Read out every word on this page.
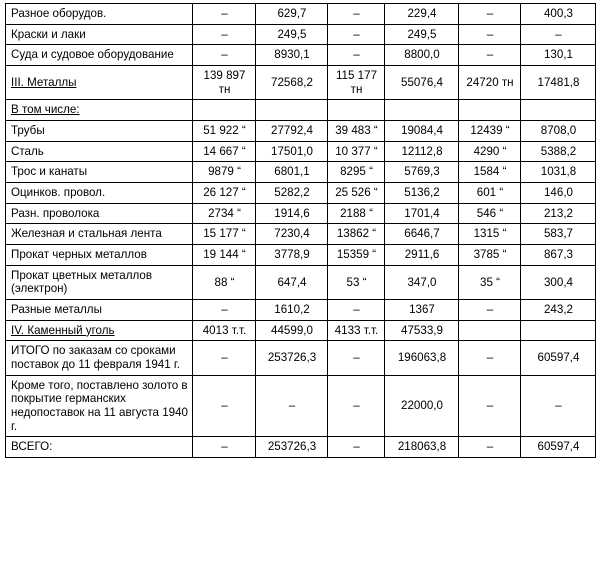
Разное оборудов.	–	629,7	–	229,4	–	400,3
Краски и лаки	–	249,5	–	249,5	–	–
Суда и судовое оборудование	–	8930,1	–	8800,0	–	130,1
III. Металлы	139 897 тн	72568,2	115 177 тн	55076,4	24720 тн	17481,8
В том числе:						
Трубы	51 922 “	27792,4	39 483 “	19084,4	12439 “	8708,0
Сталь	14 667 “	17501,0	10 377 “	12112,8	4290 “	5388,2
Трос и канаты	9879 “	6801,1	8295 “	5769,3	1584 “	1031,8
Оцинков. провол.	26 127 “	5282,2	25 526 “	5136,2	601 “	146,0
Разн. проволока	2734 “	1914,6	2188 “	1701,4	546 “	213,2
Железная и стальная лента	15 177 “	7230,4	13862 “	6646,7	1315 “	583,7
Прокат черных металлов	19 144 “	3778,9	15359 “	2911,6	3785 “	867,3
Прокат цветных металлов (электрон)	88 “	647,4	53 “	347,0	35 “	300,4
Разные металлы	–	1610,2	–	1367	–	243,2
IV. Каменный уголь	4013 т.т.	44599,0	4133 т.т.	47533,9		
ИТОГО по заказам со сроками поставок до 11 февраля 1941 г.	–	253726,3	–	196063,8	–	60597,4
Кроме того, поставлено золото в покрытие германских недопоставок на 11 августа 1940 г.	–	–	–	22000,0	–	–
ВСЕГО:	–	253726,3	–	218063,8	–	60597,4
